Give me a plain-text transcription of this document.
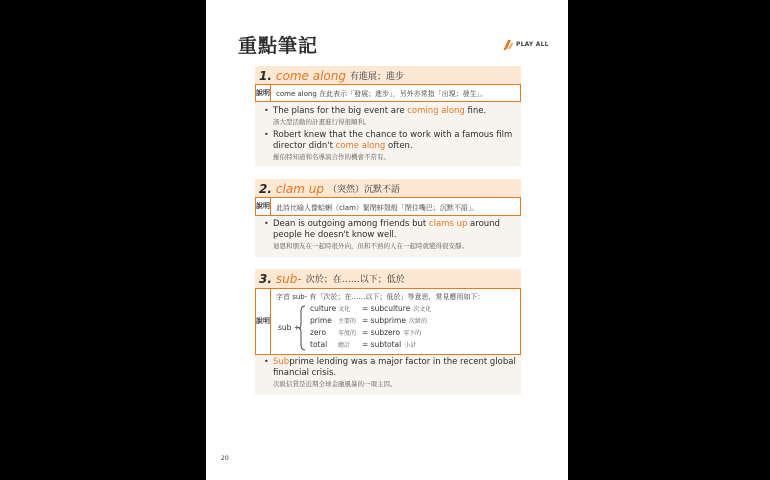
重點筆記	PLAY ALL
1. come along 有進展；進步
說明 come along 在此表示「發展；進步」，另外亦常指「出現；發生」。
• The plans for the big event are coming along fine.
該大型活動的計畫進行得很順利。
• Robert knew that the chance to work with a famous film director didn't come along often.
羅伯特知道和名導演合作的機會不常有。
2. clam up （突然）沉默不語
說明 此詩比喻人像蛤蜊（clam）緊閉蚌殼般「閉住嘴巴；沉默不語」。
• Dean is outgoing among friends but clams up around people he doesn't know well.
迪恩和朋友在一起時很外向，但和不熟的人在一起時就變得很安靜。
3. sub- 次於；在……以下；低於
說明
字首 sub- 有「次於；在……以下；低於」等意思，常見應用如下：
sub +
culture 文化 = subculture 次文化
prime 主要的 = subprime 次級的
zero 零度的 = subzero 零下的
total 總計 = subtotal 小計
• Subprime lending was a major factor in the recent global financial crisis.
次級信貸是近期全球金融風暴的一項主因。
20
